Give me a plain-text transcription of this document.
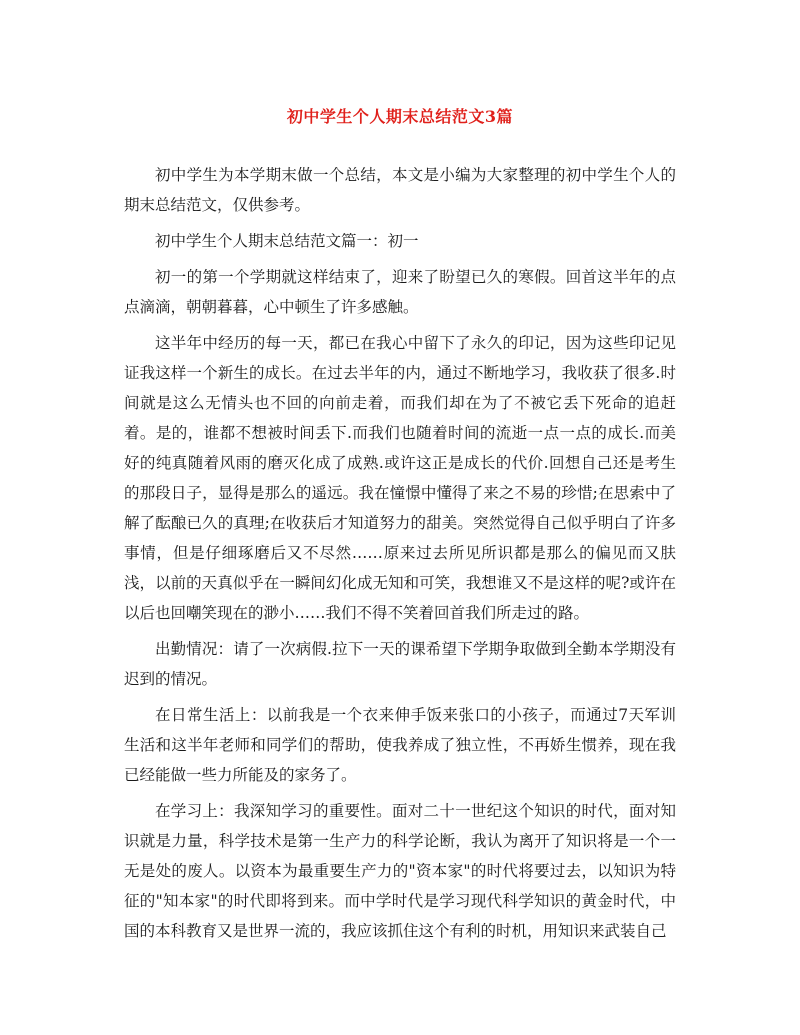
初中学生个人期末总结范文3篇

初中学生为本学期末做一个总结，本文是小编为大家整理的初中学生个人的期末总结范文，仅供参考。

初中学生个人期末总结范文篇一：初一

初一的第一个学期就这样结束了，迎来了盼望已久的寒假。回首这半年的点点滴滴，朝朝暮暮，心中顿生了许多感触。

这半年中经历的每一天，都已在我心中留下了永久的印记，因为这些印记见证我这样一个新生的成长。在过去半年的内，通过不断地学习，我收获了很多.时间就是这么无情头也不回的向前走着，而我们却在为了不被它丢下死命的追赶着。是的，谁都不想被时间丢下.而我们也随着时间的流逝一点一点的成长.而美好的纯真随着风雨的磨灭化成了成熟.或许这正是成长的代价.回想自己还是考生的那段日子，显得是那么的遥远。我在憧憬中懂得了来之不易的珍惜;在思索中了解了酝酿已久的真理;在收获后才知道努力的甜美。突然觉得自己似乎明白了许多事情，但是仔细琢磨后又不尽然……原来过去所见所识都是那么的偏见而又肤浅，以前的天真似乎在一瞬间幻化成无知和可笑，我想谁又不是这样的呢?或许在以后也回嘲笑现在的渺小……我们不得不笑着回首我们所走过的路。

出勤情况：请了一次病假.拉下一天的课希望下学期争取做到全勤本学期没有迟到的情况。

在日常生活上：以前我是一个衣来伸手饭来张口的小孩子，而通过7天军训生活和这半年老师和同学们的帮助，使我养成了独立性，不再娇生惯养，现在我已经能做一些力所能及的家务了。

在学习上：我深知学习的重要性。面对二十一世纪这个知识的时代，面对知识就是力量，科学技术是第一生产力的科学论断，我认为离开了知识将是一个一无是处的废人。以资本为最重要生产力的"资本家"的时代将要过去，以知识为特征的"知本家"的时代即将到来。而中学时代是学习现代科学知识的黄金时代，中国的本科教育又是世界一流的，我应该抓住这个有利的时机，用知识来武装自己
